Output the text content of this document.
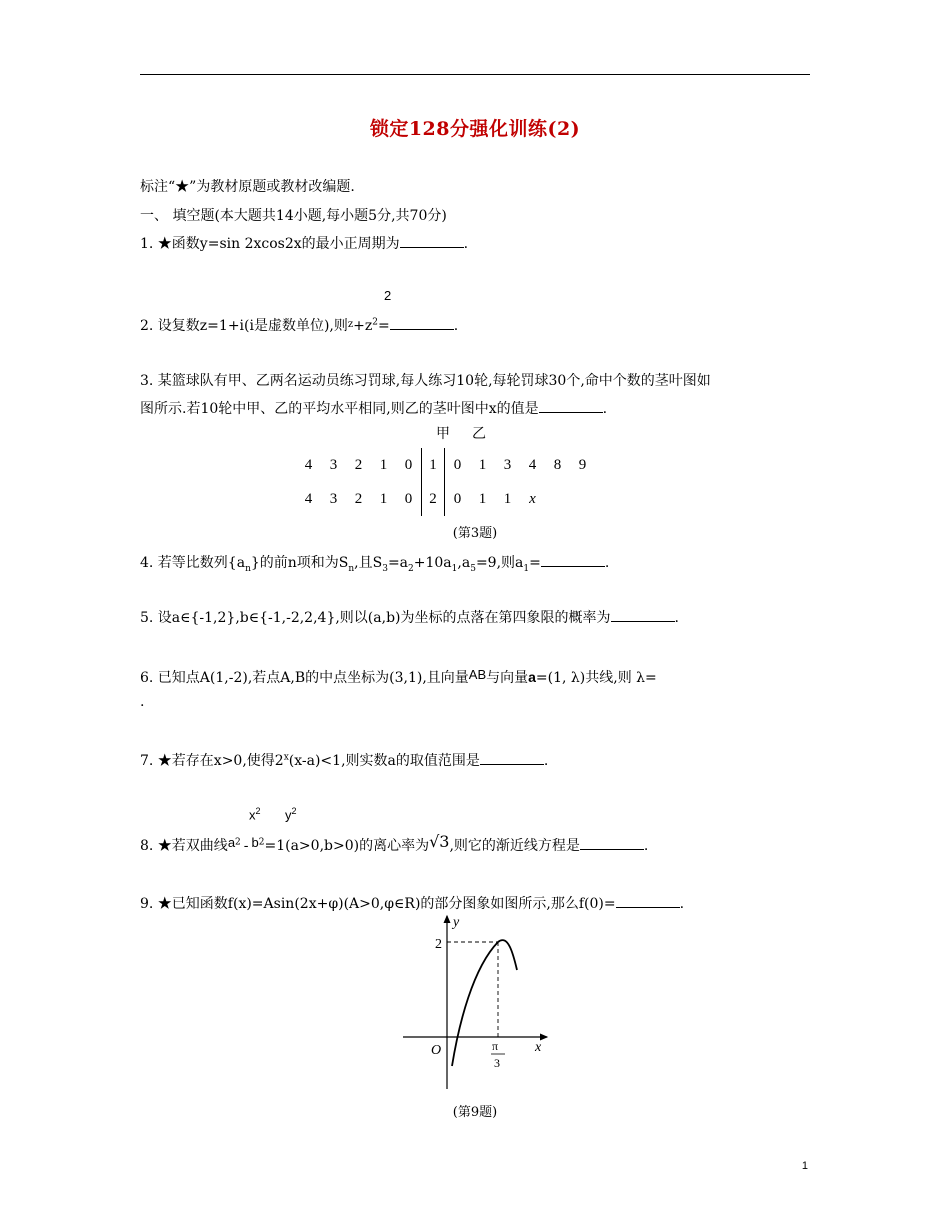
锁定128分强化训练(2)
标注“★”为教材原题或教材改编题.
一、 填空题(本大题共14小题,每小题5分,共70分)
1. ★函数y=sin 2xcos2x的最小正周期为	.
2
2. 设复数z=1+i(i是虚数单位),则$^z+z^2=$	.
3. 某篮球队有甲、乙两名运动员练习罚球,每人练习10轮,每轮罚球30个,命中个数的茎叶图如
图所示.若10轮中甲、乙的平均水平相同,则乙的茎叶图中x的值是	.
甲乙
4	3	2	1	0	1	0	1	3	4	8	9
4	3	2	1	0	2	0	1	1	x		
(第3题)
4. 若等比数列$\{a_n\}$的前n项和为$S_n$,且$S_3=a_2+10a_1,a_5=9$,则$a_1=$	.
5. 设a∈{-1,2},b∈{-1,-2,2,4},则以(a,b)为坐标的点落在第四象限的概率为	.
6. 已知点A(1,-2),若点A,B的中点坐标为(3,1),且向量AB与向量a=(1, λ)共线,则 λ=
.
7. ★若存在x>0,使得$2^x(x-a)<1$,则实数a的取值范围是	.
$x^2$ $y^2$
8. ★若双曲线$a^2 - b^2=1(a>0,b>0)$的离心率为√3,则它的渐近线方程是	.
9. ★已知函数f(x)=Asin(2x+φ)(A>0,φ∈R)的部分图象如图所示,那么f(0)=	.
y
x
O
2
π
3
(第9题)
1
